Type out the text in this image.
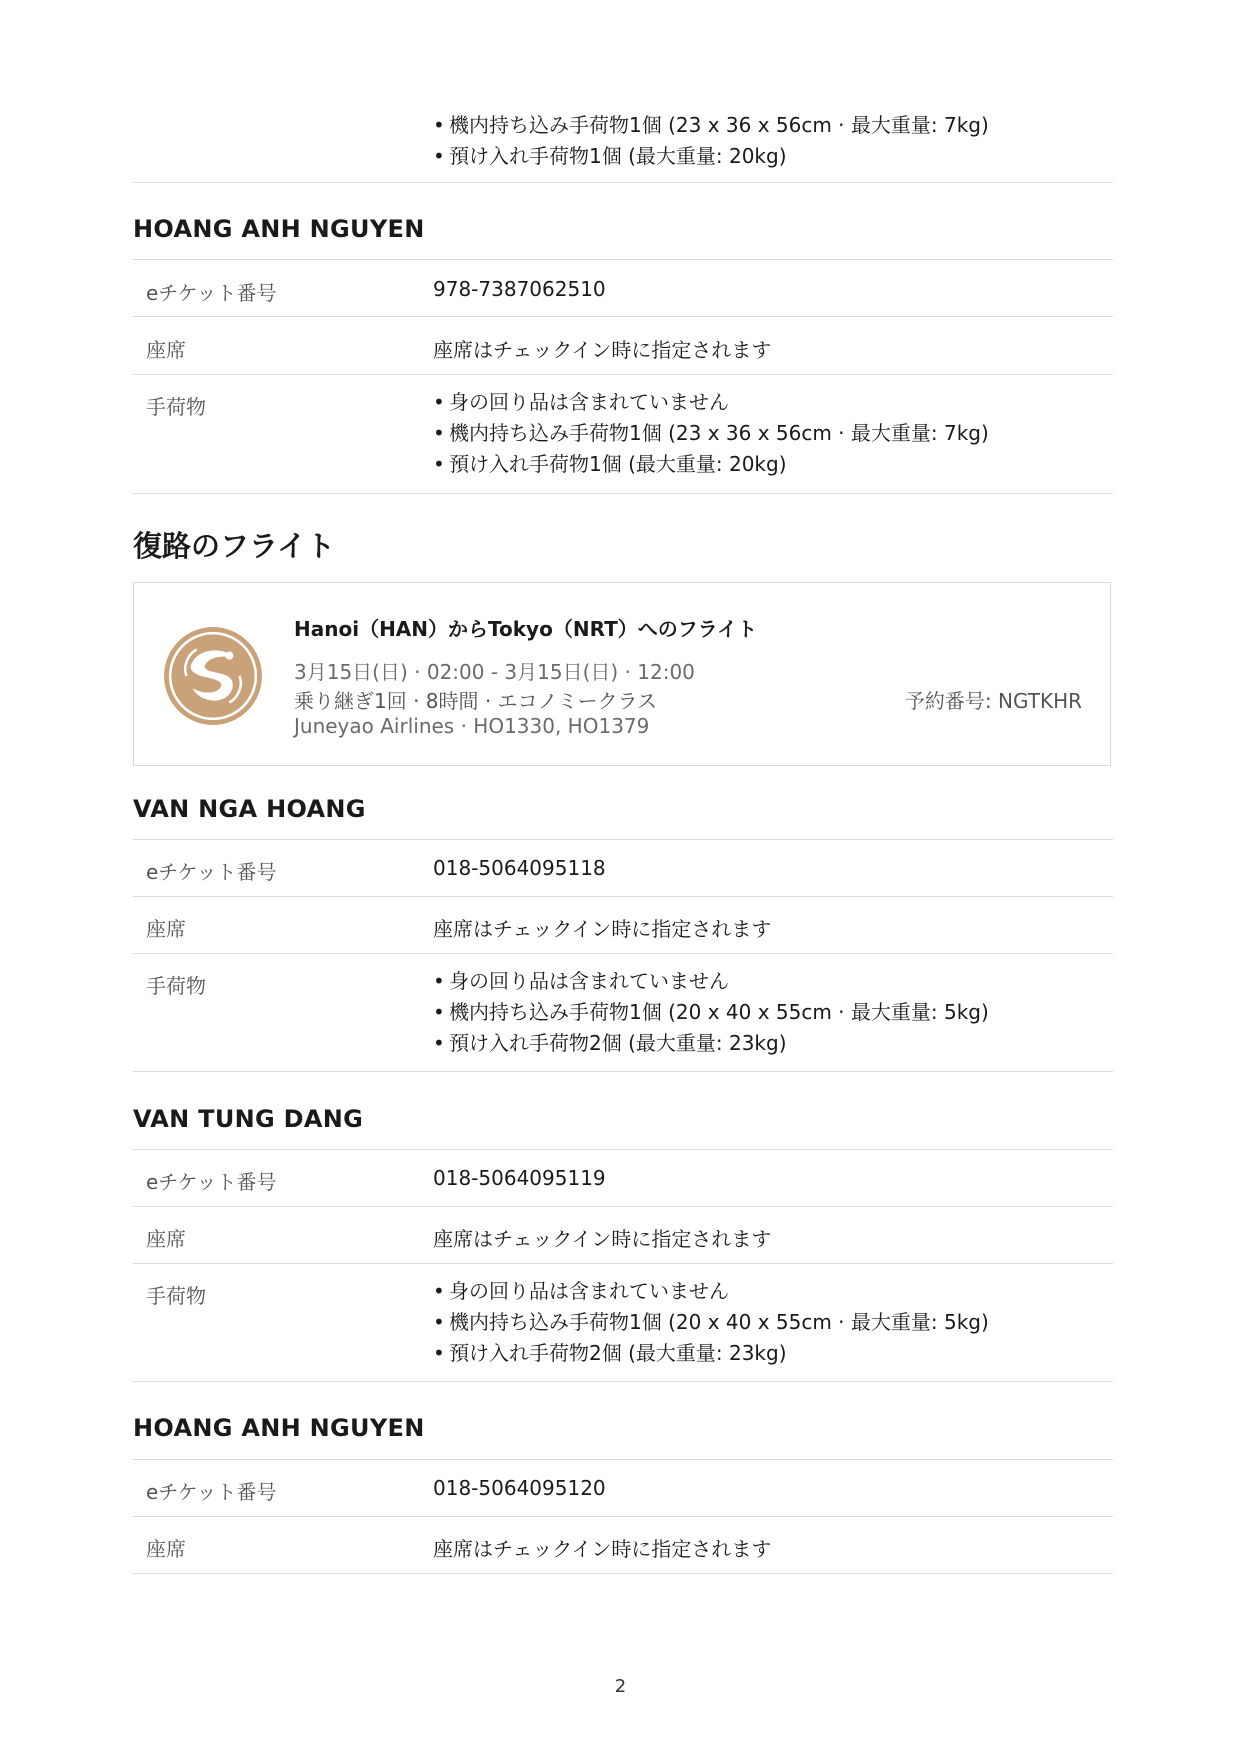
• 機内持ち込み手荷物1個 (23 x 36 x 56cm · 最大重量: 7kg)
• 預け入れ手荷物1個 (最大重量: 20kg)
HOANG ANH NGUYEN
eチケット番号	978-7387062510
座席	座席はチェックイン時に指定されます
手荷物	• 身の回り品は含まれていません
• 機内持ち込み手荷物1個 (23 x 36 x 56cm · 最大重量: 7kg)
• 預け入れ手荷物1個 (最大重量: 20kg)
復路のフライト
Hanoi（HAN）からTokyo（NRT）へのフライト
3月15日(日) · 02:00 - 3月15日(日) · 12:00
乗り継ぎ1回 · 8時間 · エコノミークラス
Juneyao Airlines · HO1330, HO1379
予約番号: NGTKHR
VAN NGA HOANG
eチケット番号	018-5064095118
座席	座席はチェックイン時に指定されます
手荷物	• 身の回り品は含まれていません
• 機内持ち込み手荷物1個 (20 x 40 x 55cm · 最大重量: 5kg)
• 預け入れ手荷物2個 (最大重量: 23kg)
VAN TUNG DANG
eチケット番号	018-5064095119
座席	座席はチェックイン時に指定されます
手荷物	• 身の回り品は含まれていません
• 機内持ち込み手荷物1個 (20 x 40 x 55cm · 最大重量: 5kg)
• 預け入れ手荷物2個 (最大重量: 23kg)
HOANG ANH NGUYEN
eチケット番号	018-5064095120
座席	座席はチェックイン時に指定されます
2
